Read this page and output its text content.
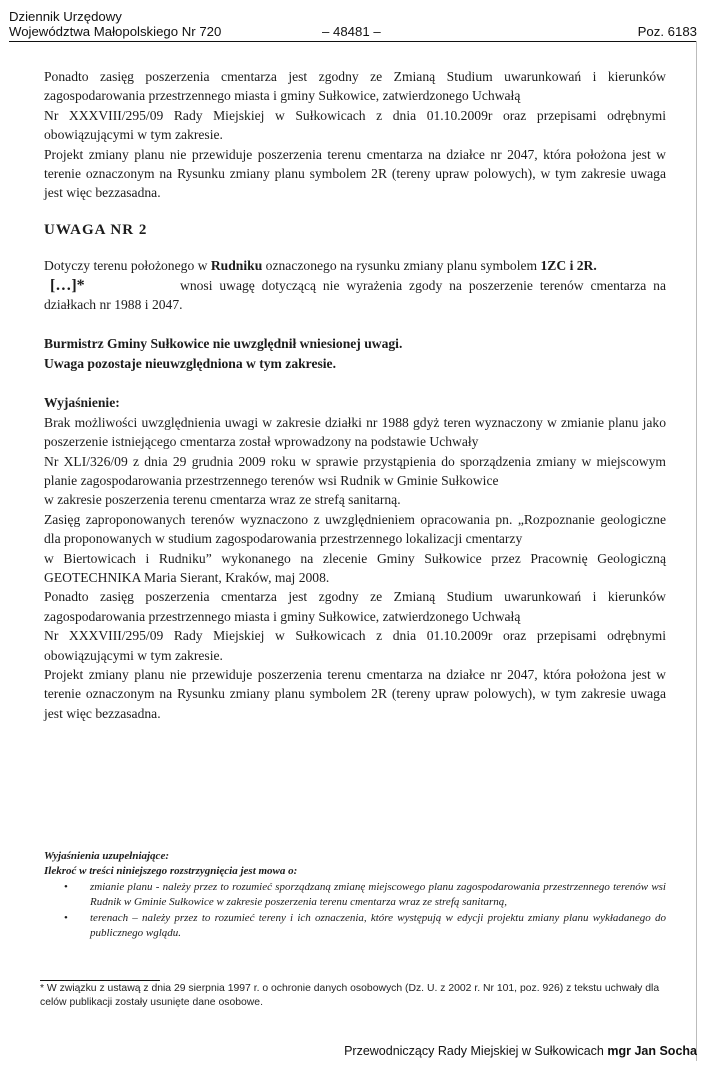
Dziennik Urzędowy
Województwa Małopolskiego Nr 720	– 48481 –	Poz. 6183

Ponadto zasięg poszerzenia cmentarza jest zgodny ze Zmianą Studium uwarunkowań i kierunków zagospodarowania przestrzennego miasta i gminy Sułkowice, zatwierdzonego Uchwałą

Nr XXXVIII/295/09 Rady Miejskiej w Sułkowicach z dnia 01.10.2009r oraz przepisami odrębnymi obowiązującymi w tym zakresie.

Projekt zmiany planu nie przewiduje poszerzenia terenu cmentarza na działce nr 2047, która położona jest w terenie oznaczonym na Rysunku zmiany planu symbolem 2R (tereny upraw polowych), w tym zakresie uwaga jest więc bezzasadna.

UWAGA NR 2

Dotyczy terenu położonego w Rudniku oznaczonego na rysunku zmiany planu symbolem 1ZC i 2R.

[…]*	wnosi uwagę dotyczącą nie wyrażenia zgody na poszerzenie terenów cmentarza na działkach nr 1988 i 2047.

Burmistrz Gminy Sułkowice nie uwzględnił wniesionej uwagi.

Uwaga pozostaje nieuwzględniona w tym zakresie.

Wyjaśnienie:

Brak możliwości uwzględnienia uwagi w zakresie działki nr 1988 gdyż teren wyznaczony w zmianie planu jako poszerzenie istniejącego cmentarza został wprowadzony na podstawie Uchwały

Nr XLI/326/09 z dnia 29 grudnia 2009 roku w sprawie przystąpienia do sporządzenia zmiany w miejscowym planie zagospodarowania przestrzennego terenów wsi Rudnik w Gminie Sułkowice

w zakresie poszerzenia terenu cmentarza wraz ze strefą sanitarną.

Zasięg zaproponowanych terenów wyznaczono z uwzględnieniem opracowania pn. „Rozpoznanie geologiczne dla proponowanych w studium zagospodarowania przestrzennego lokalizacji cmentarzy

w Biertowicach i Rudniku” wykonanego na zlecenie Gminy Sułkowice przez Pracownię Geologiczną GEOTECHNIKA Maria Sierant, Kraków, maj 2008.

Ponadto zasięg poszerzenia cmentarza jest zgodny ze Zmianą Studium uwarunkowań i kierunków zagospodarowania przestrzennego miasta i gminy Sułkowice, zatwierdzonego Uchwałą

Nr XXXVIII/295/09 Rady Miejskiej w Sułkowicach z dnia 01.10.2009r oraz przepisami odrębnymi obowiązującymi w tym zakresie.

Projekt zmiany planu nie przewiduje poszerzenia terenu cmentarza na działce nr 2047, która położona jest w terenie oznaczonym na Rysunku zmiany planu symbolem 2R (tereny upraw polowych), w tym zakresie uwaga jest więc bezzasadna.

Wyjaśnienia uzupełniające:
Ilekroć w treści niniejszego rozstrzygnięcia jest mowa o:
• zmianie planu - należy przez to rozumieć sporządzaną zmianę miejscowego planu zagospodarowania przestrzennego terenów wsi Rudnik w Gminie Sułkowice w zakresie poszerzenia terenu cmentarza wraz ze strefą sanitarną,
• terenach – należy przez to rozumieć tereny i ich oznaczenia, które występują w edycji projektu zmiany planu wykładanego do publicznego wglądu.
* W związku z ustawą z dnia 29 sierpnia 1997 r. o ochronie danych osobowych (Dz. U. z 2002 r. Nr 101, poz. 926) z tekstu uchwały dla celów publikacji zostały usunięte dane osobowe.
Przewodniczący Rady Miejskiej w Sułkowicach mgr Jan Socha
